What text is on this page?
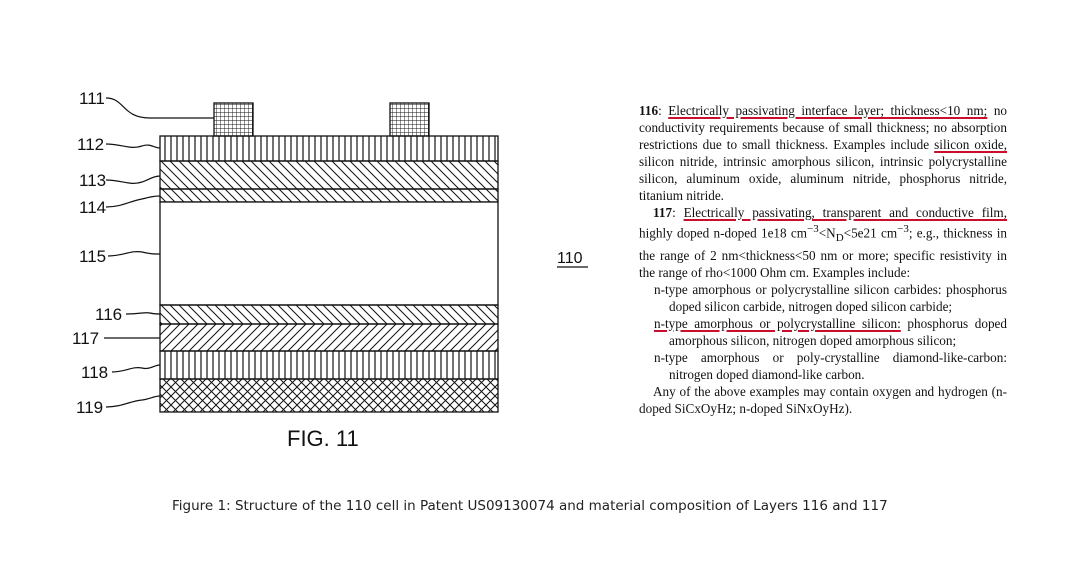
111
112
113
114
115
116
117
118
119
FIG. 11
110

116: Electrically passivating interface layer; thickness<10 nm; no conductivity requirements because of small thickness; no absorption restrictions due to small thickness. Examples include silicon oxide, silicon nitride, intrinsic amorphous silicon, intrinsic polycrystalline silicon, aluminum oxide, aluminum nitride, phosphorus nitride, titanium nitride.

117: Electrically passivating, transparent and conductive film, highly doped n-doped 1e18 $cm^{-3}<N_D<5e21$ $cm^{-3}$; e.g., thickness in the range of 2 nm<thickness<50 nm or more; specific resistivity in the range of rho<1000 Ohm cm. Examples include:

n-type amorphous or polycrystalline silicon carbides: phosphorus doped silicon carbide, nitrogen doped silicon carbide;

n-type amorphous or polycrystalline silicon: phosphorus doped amorphous silicon, nitrogen doped amorphous silicon;

n-type amorphous or poly-crystalline diamond-like-carbon: nitrogen doped diamond-like carbon.

Any of the above examples may contain oxygen and hydrogen (n-doped SiCxOyHz; n-doped SiNxOyHz).

Figure 1: Structure of the 110 cell in Patent US09130074 and material composition of Layers 116 and 117
